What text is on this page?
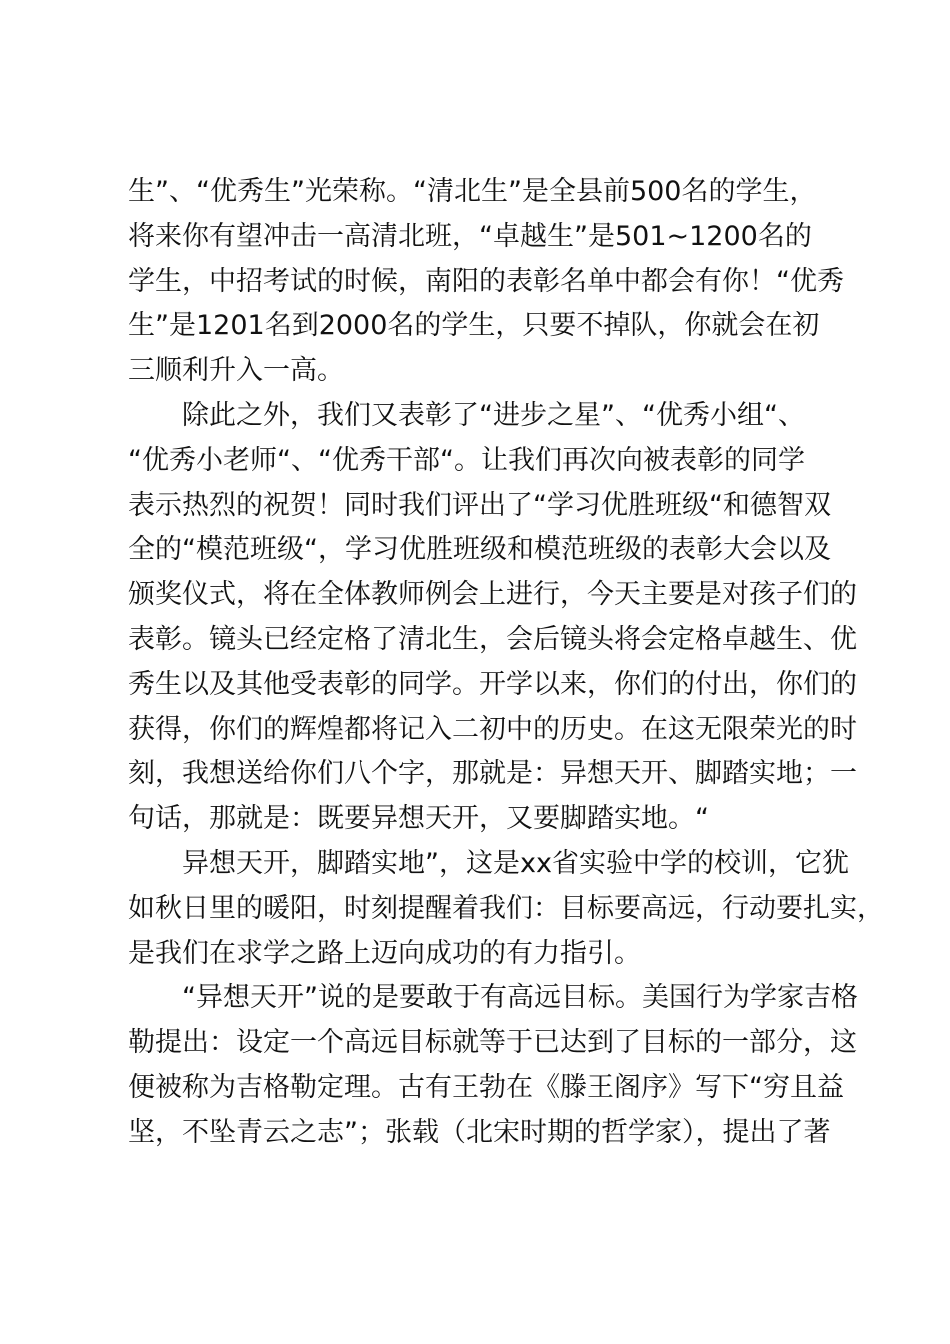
生”、“优秀生”光荣称。“清北生”是全县前500名的学生，
将来你有望冲击一高清北班，“卓越生”是501~1200名的
学生，中招考试的时候，南阳的表彰名单中都会有你！“优秀
生”是1201名到2000名的学生，只要不掉队，你就会在初
三顺利升入一高。

除此之外，我们又表彰了“进步之星”、“优秀小组“、
“优秀小老师“、“优秀干部“。让我们再次向被表彰的同学
表示热烈的祝贺！同时我们评出了“学习优胜班级“和德智双
全的“模范班级“，学习优胜班级和模范班级的表彰大会以及
颁奖仪式，将在全体教师例会上进行，今天主要是对孩子们的
表彰。镜头已经定格了清北生，会后镜头将会定格卓越生、优
秀生以及其他受表彰的同学。开学以来，你们的付出，你们的
获得，你们的辉煌都将记入二初中的历史。在这无限荣光的时
刻，我想送给你们八个字，那就是：异想天开、脚踏实地；一
句话，那就是：既要异想天开，又要脚踏实地。“

异想天开，脚踏实地”，这是xx省实验中学的校训，它犹
如秋日里的暖阳，时刻提醒着我们：目标要高远，行动要扎实，
是我们在求学之路上迈向成功的有力指引。

“异想天开”说的是要敢于有高远目标。美国行为学家吉格
勒提出：设定一个高远目标就等于已达到了目标的一部分，这
便被称为吉格勒定理。古有王勃在《滕王阁序》写下“穷且益
坚，不坠青云之志”；张载（北宋时期的哲学家），提出了著
